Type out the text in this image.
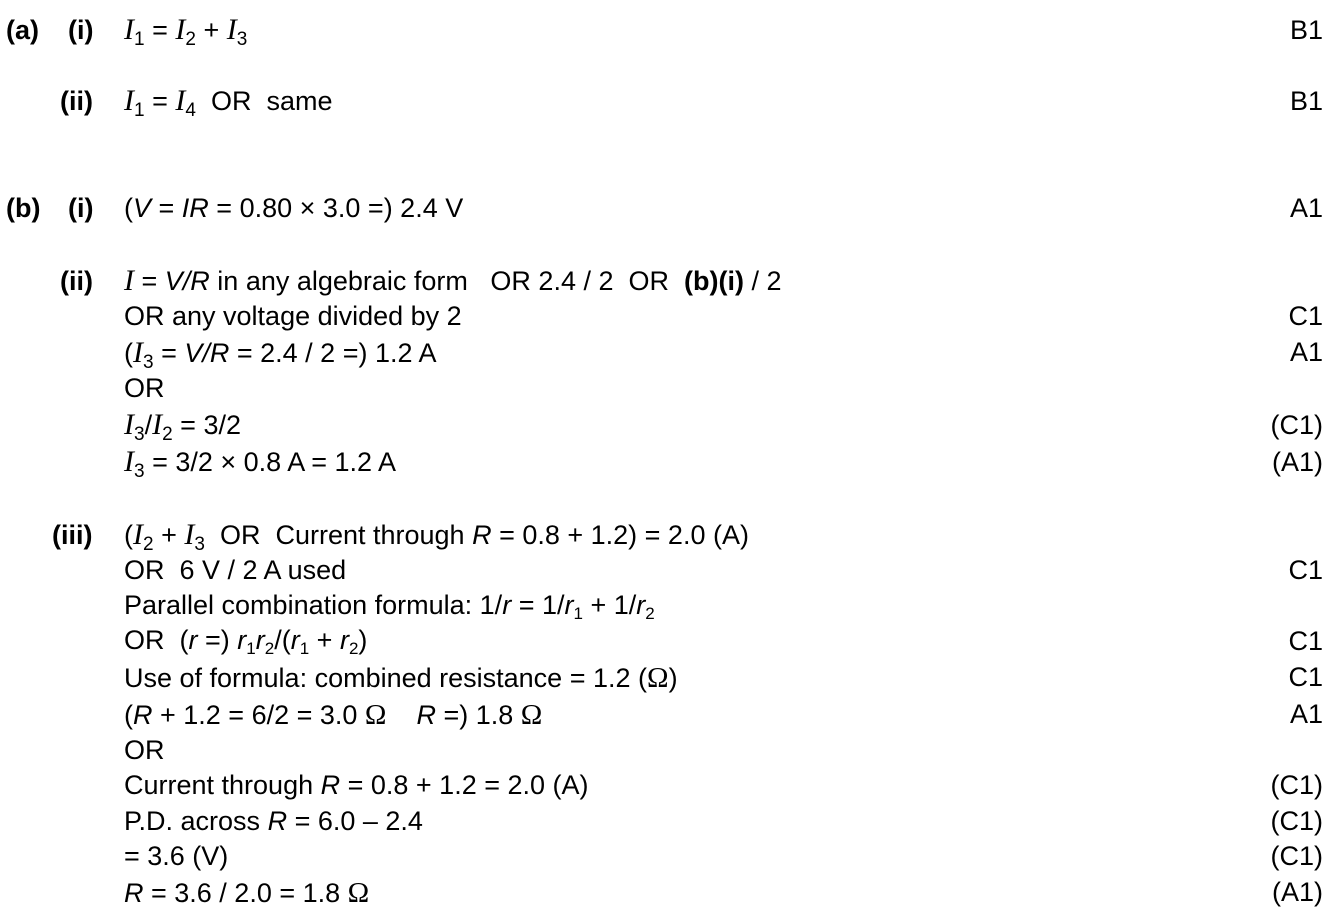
(a) (i) $I_1 = I_2 + I_3$	B1
(ii) $I_1 = I_4$  OR  same	B1
(b) (i) (V = IR = 0.80 × 3.0 =) 2.4 V	A1
(ii) I = V/R in any algebraic form   OR 2.4 / 2  OR  (b)(i) / 2
OR any voltage divided by 2	C1
($I_3 = V/R = 2.4 / 2$ =) 1.2 A	A1
OR
$I_3/I_2 = 3/2$	(C1)
$I_3 = 3/2 \times 0.8$ A = 1.2 A	(A1)
(iii) ($I_2 + I_3$  OR  Current through R = 0.8 + 1.2) = 2.0 (A)
OR  6 V / 2 A used	C1
Parallel combination formula: 1/r = 1/r1 + 1/r2
OR  (r =) r1r2/(r1 + r2)	C1
Use of formula: combined resistance = 1.2 (Ω)	C1
(R + 1.2 = 6/2 = 3.0 Ω R =) 1.8 Ω	A1
OR
Current through R = 0.8 + 1.2 = 2.0 (A)	(C1)
P.D. across R = 6.0 – 2.4	(C1)
= 3.6 (V)	(C1)
R = 3.6 / 2.0 = 1.8 Ω	(A1)
